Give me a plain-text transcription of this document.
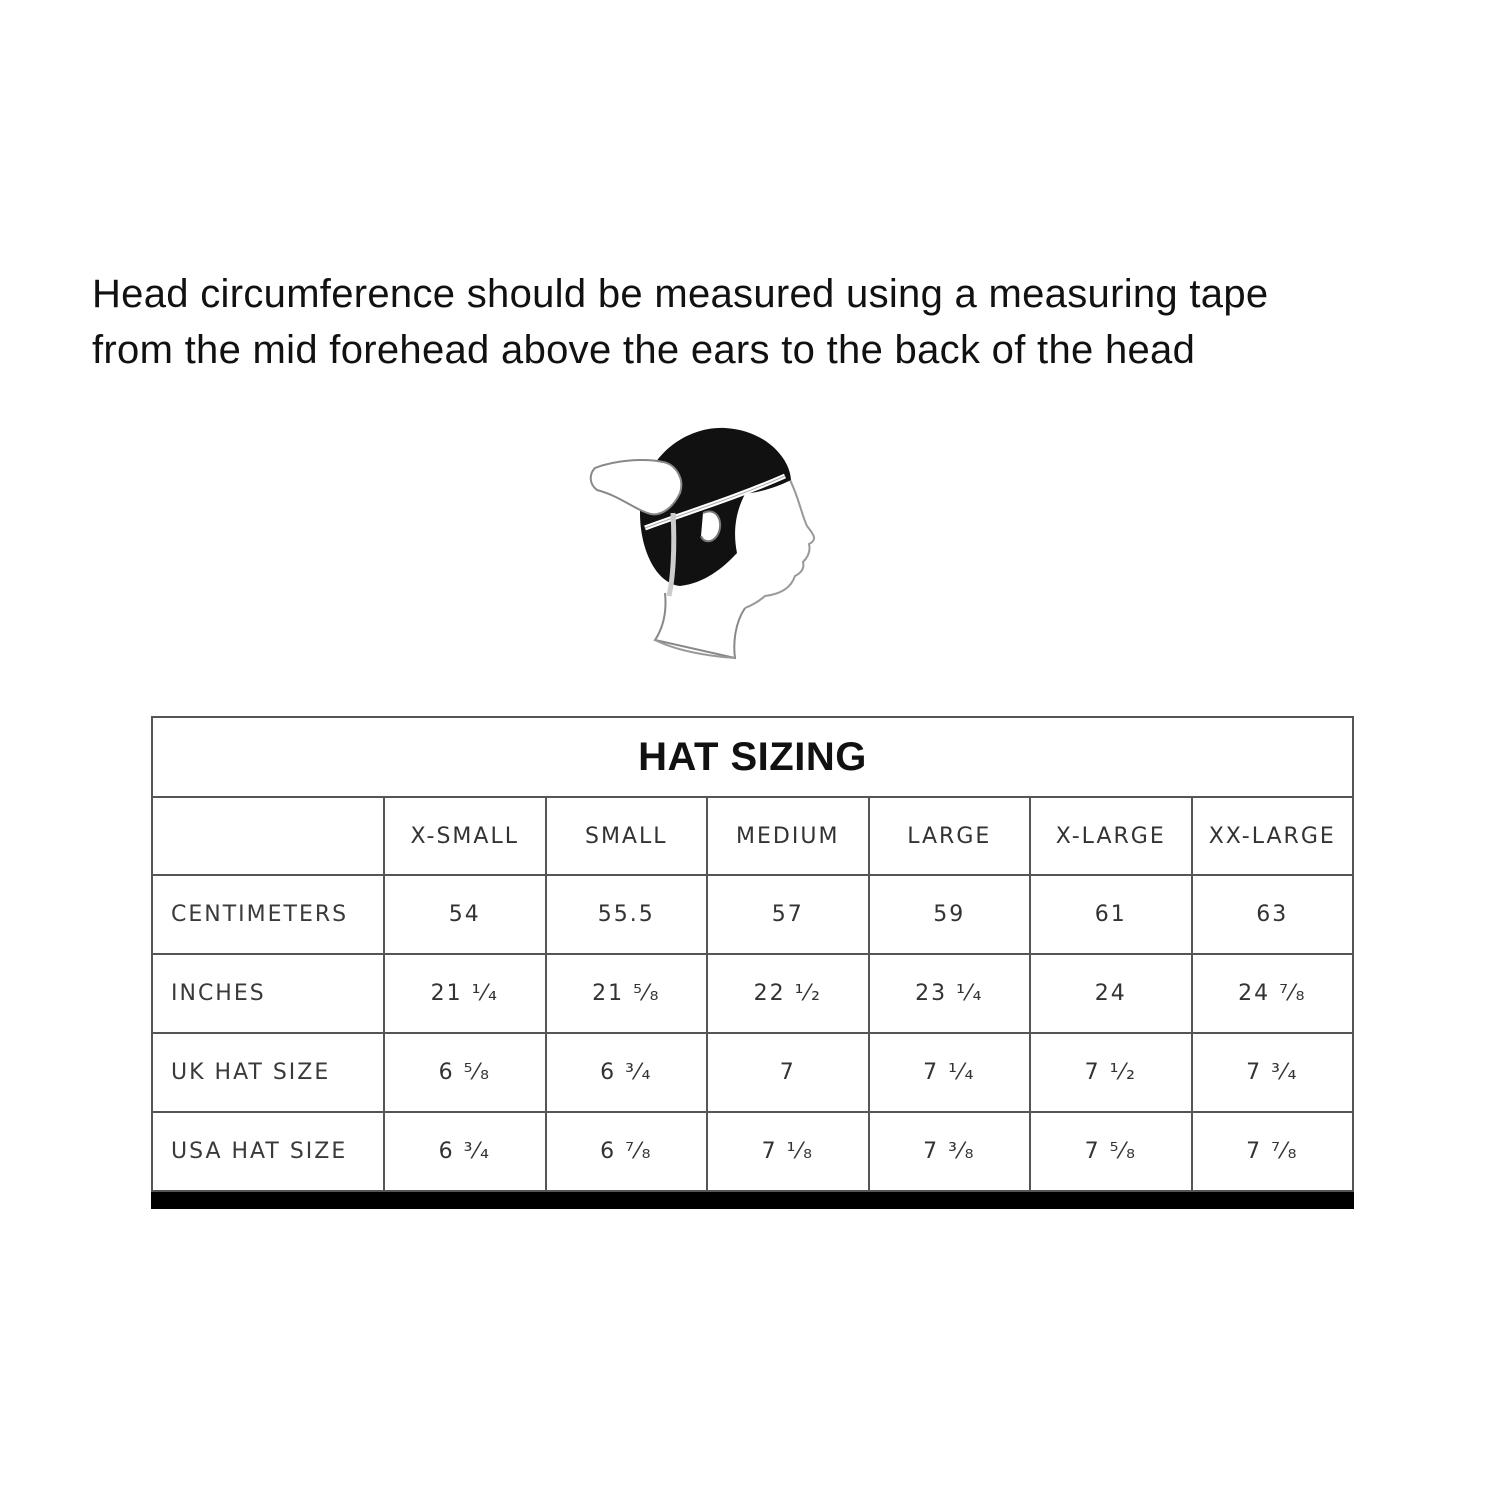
Head circumference should be measured using a measuring tape
from the mid forehead above the ears to the back of the head
HAT SIZING						
	X-SMALL	SMALL	MEDIUM	LARGE	X-LARGE	XX-LARGE
CENTIMETERS	54	55.5	57	59	61	63
INCHES	21 ¹⁄₄	21 ⁵⁄₈	22 ¹⁄₂	23 ¹⁄₄	24	24 ⁷⁄₈
UK HAT SIZE	6 ⁵⁄₈	6 ³⁄₄	7	7 ¹⁄₄	7 ¹⁄₂	7 ³⁄₄
USA HAT SIZE	6 ³⁄₄	6 ⁷⁄₈	7 ¹⁄₈	7 ³⁄₈	7 ⁵⁄₈	7 ⁷⁄₈
